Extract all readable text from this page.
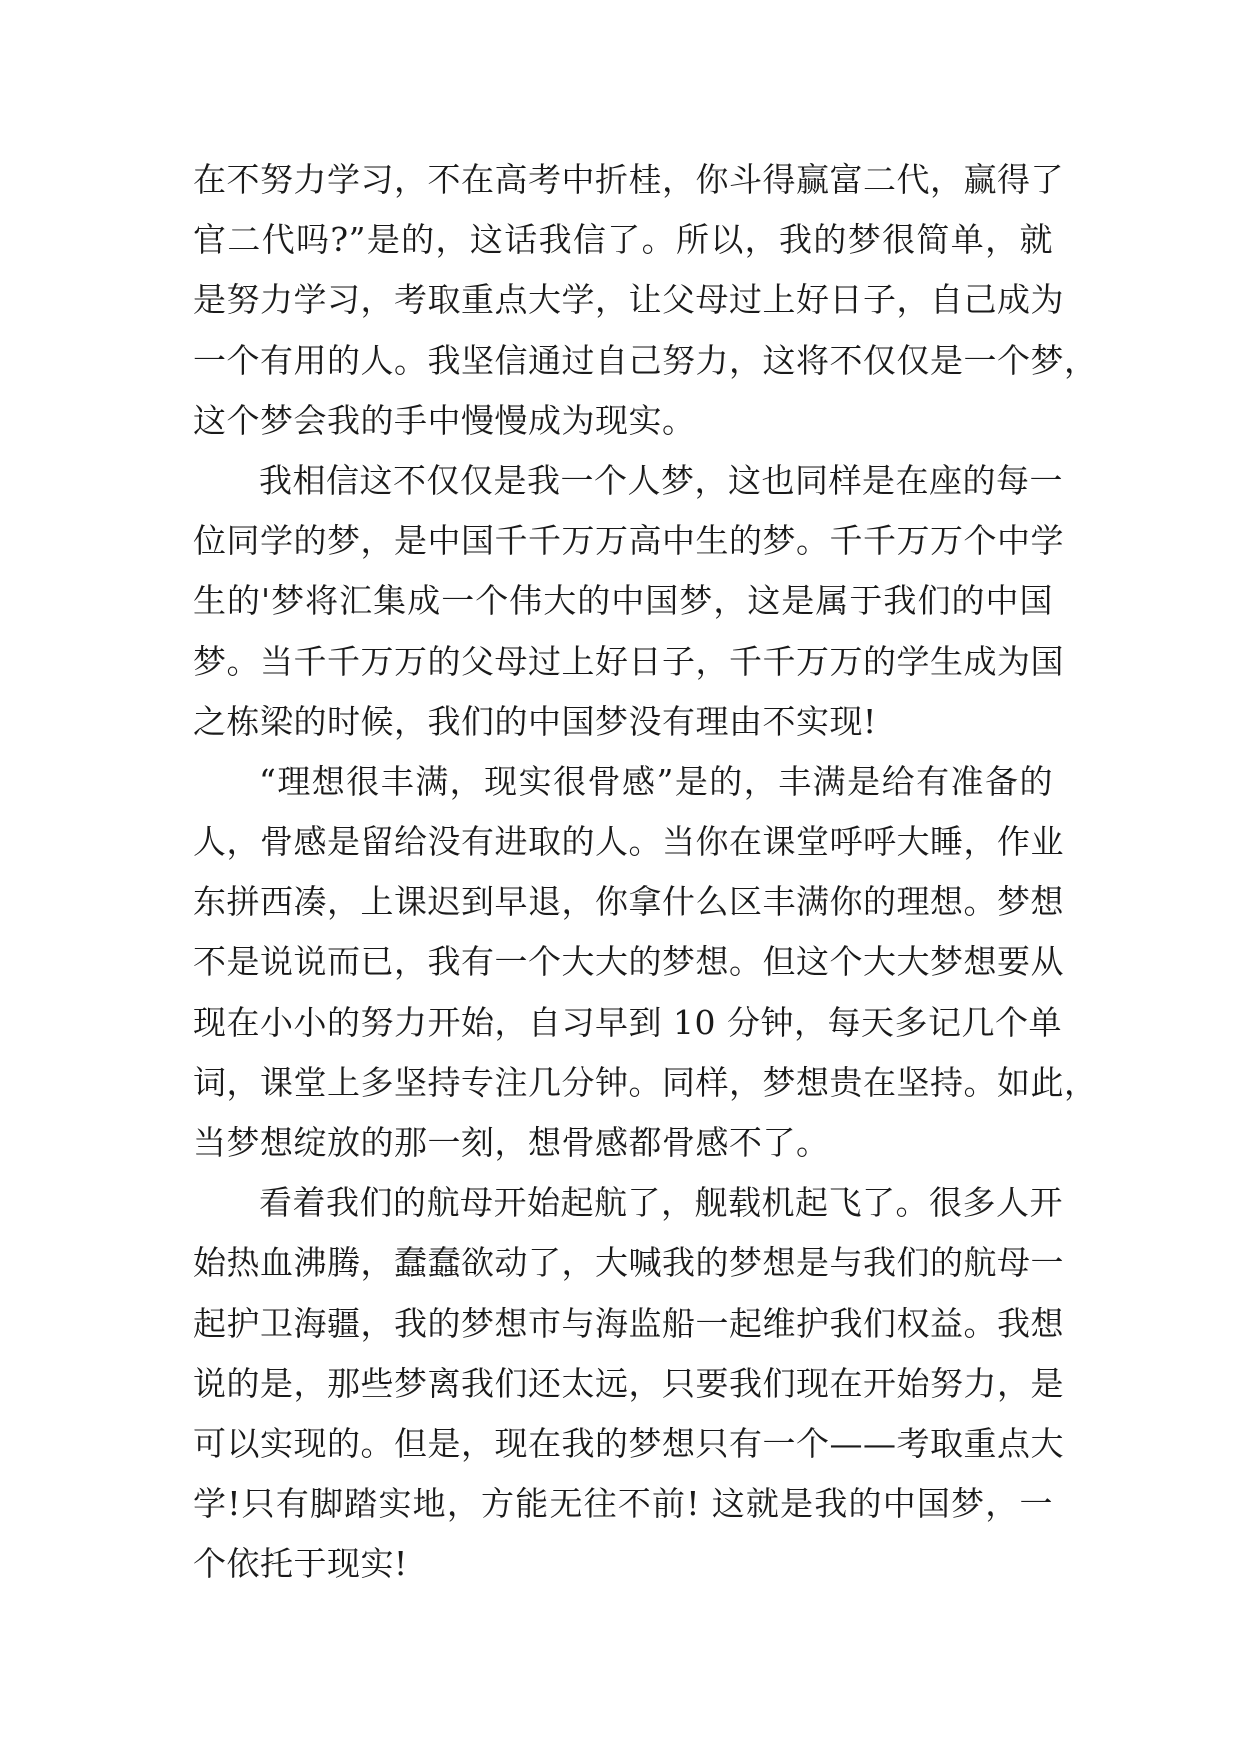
在不努力学习，不在高考中折桂，你斗得赢富二代，赢得了
官二代吗?”是的，这话我信了。所以，我的梦很简单，就
是努力学习，考取重点大学，让父母过上好日子，自己成为
一个有用的人。我坚信通过自己努力，这将不仅仅是一个梦，
这个梦会我的手中慢慢成为现实。
我相信这不仅仅是我一个人梦，这也同样是在座的每一
位同学的梦，是中国千千万万高中生的梦。千千万万个中学
生的'梦将汇集成一个伟大的中国梦，这是属于我们的中国
梦。当千千万万的父母过上好日子，千千万万的学生成为国
之栋梁的时候，我们的中国梦没有理由不实现!
“理想很丰满，现实很骨感”是的，丰满是给有准备的
人，骨感是留给没有进取的人。当你在课堂呼呼大睡，作业
东拼西凑，上课迟到早退，你拿什么区丰满你的理想。梦想
不是说说而已，我有一个大大的梦想。但这个大大梦想要从
现在小小的努力开始，自习早到 10 分钟，每天多记几个单
词，课堂上多坚持专注几分钟。同样，梦想贵在坚持。如此，
当梦想绽放的那一刻，想骨感都骨感不了。
看着我们的航母开始起航了，舰载机起飞了。很多人开
始热血沸腾，蠢蠢欲动了，大喊我的梦想是与我们的航母一
起护卫海疆，我的梦想市与海监船一起维护我们权益。我想
说的是，那些梦离我们还太远，只要我们现在开始努力，是
可以实现的。但是，现在我的梦想只有一个——考取重点大
学!只有脚踏实地，方能无往不前! 这就是我的中国梦，一
个依托于现实!
